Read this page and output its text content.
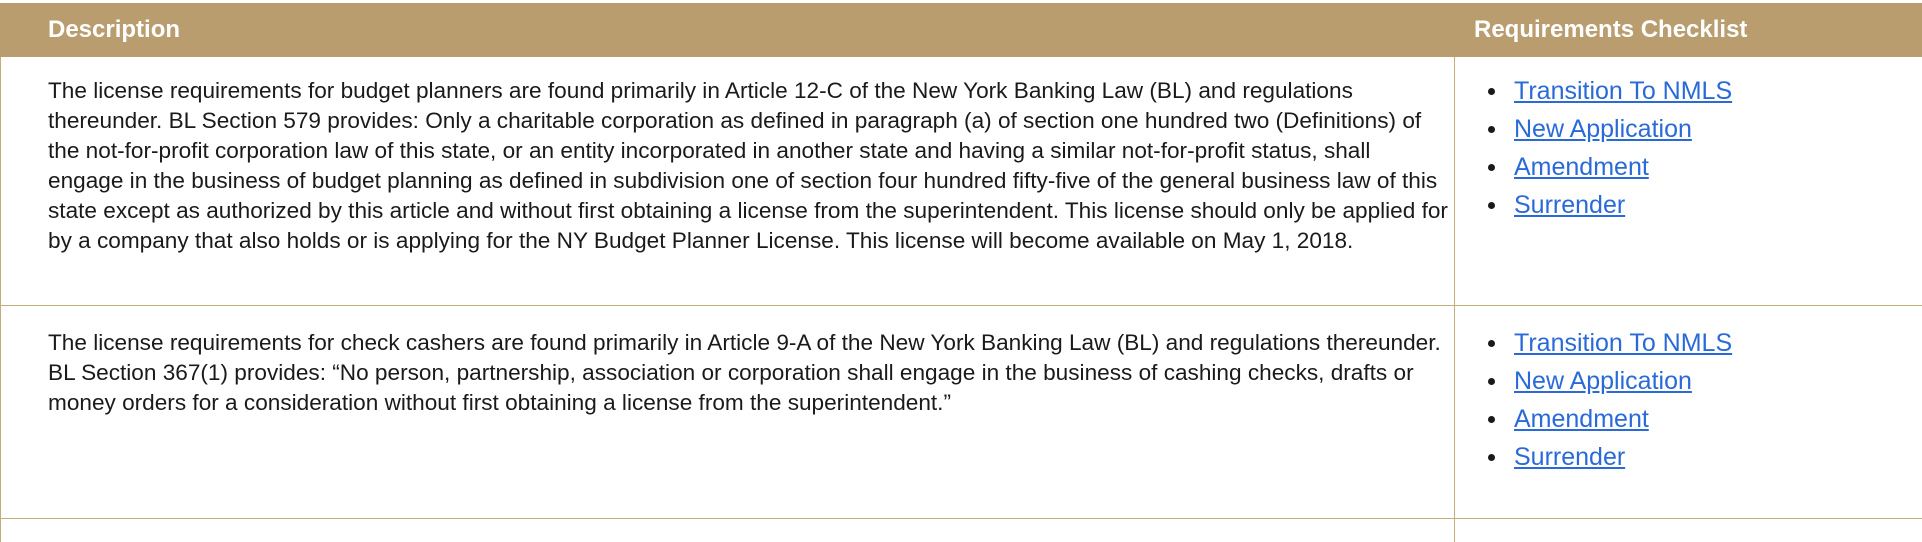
Description	Requirements Checklist

The license requirements for budget planners are found primarily in Article 12-C of the New York Banking Law (BL) and regulations thereunder. BL Section 579 provides: Only a charitable corporation as defined in paragraph (a) of section one hundred two (Definitions) of the not-for-profit corporation law of this state, or an entity incorporated in another state and having a similar not-for-profit status, shall engage in the business of budget planning as defined in subdivision one of section four hundred fifty-five of the general business law of this state except as authorized by this article and without first obtaining a license from the superintendent. This license should only be applied for by a company that also holds or is applying for the NY Budget Planner License. This license will become available on May 1, 2018.

Transition To NMLS
New Application
Amendment
Surrender

The license requirements for check cashers are found primarily in Article 9-A of the New York Banking Law (BL) and regulations thereunder. BL Section 367(1) provides: “No person, partnership, association or corporation shall engage in the business of cashing checks, drafts or money orders for a consideration without first obtaining a license from the superintendent.”

Transition To NMLS
New Application
Amendment
Surrender
